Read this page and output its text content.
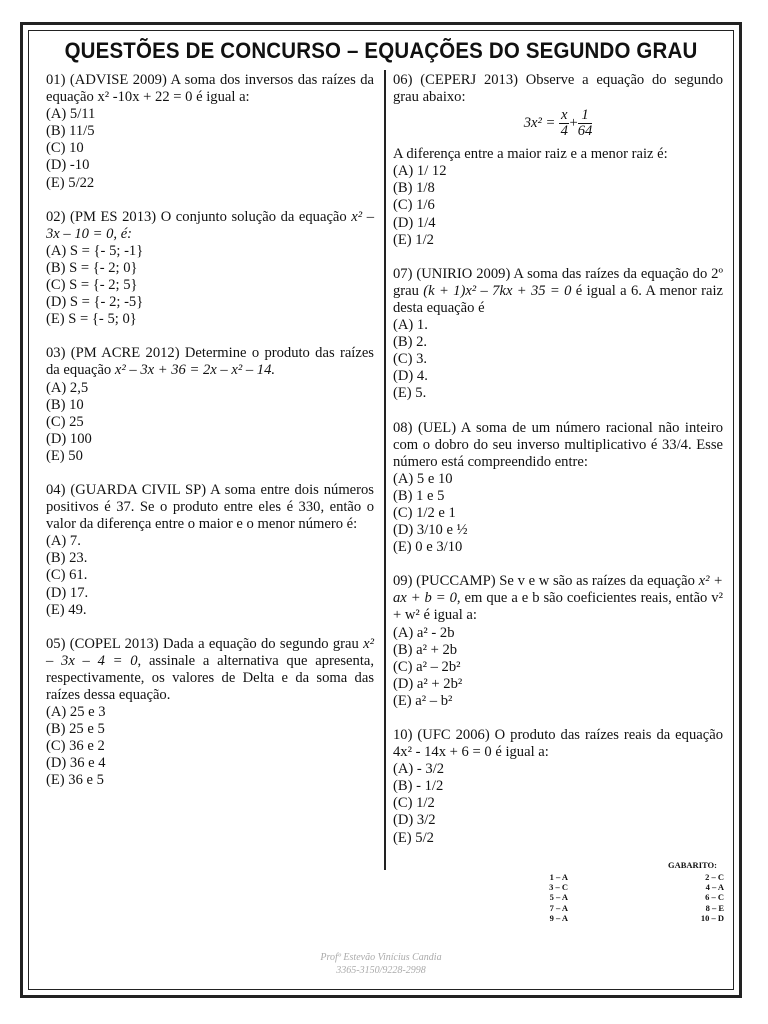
QUESTÕES DE CONCURSO – EQUAÇÕES DO SEGUNDO GRAU
01) (ADVISE 2009) A soma dos inversos das raízes da equação x² -10x + 22 = 0 é igual a:
(A) 5/11
(B) 11/5
(C) 10
(D) -10
(E) 5/22
02) (PM ES 2013) O conjunto solução da equação x² – 3x – 10 = 0, é:
(A) S = {- 5; -1}
(B) S = {- 2; 0}
(C) S = {- 2; 5}
(D) S = {- 2; -5}
(E) S = {- 5; 0}
03) (PM ACRE 2012) Determine o produto das raízes da equação x² – 3x + 36 = 2x – x² – 14.
(A) 2,5
(B) 10
(C) 25
(D) 100
(E) 50
04) (GUARDA CIVIL SP) A soma entre dois números positivos é 37. Se o produto entre eles é 330, então o valor da diferença entre o maior e o menor número é:
(A) 7.
(B) 23.
(C) 61.
(D) 17.
(E) 49.
05) (COPEL 2013) Dada a equação do segundo grau x² – 3x – 4 = 0, assinale a alternativa que apresenta, respectivamente, os valores de Delta e da soma das raízes dessa equação.
(A) 25 e 3
(B) 25 e 5
(C) 36 e 2
(D) 36 e 4
(E) 36 e 5
06) (CEPERJ 2013) Observe a equação do segundo grau abaixo:
$3x^2 = \frac{x}{4} + \frac{1}{64}$
A diferença entre a maior raiz e a menor raiz é:
(A) 1/ 12
(B) 1/8
(C) 1/6
(D) 1/4
(E) 1/2
07) (UNIRIO 2009) A soma das raízes da equação do 2º grau (k + 1)x² – 7kx + 35 = 0 é igual a 6. A menor raiz desta equação é
(A) 1.
(B) 2.
(C) 3.
(D) 4.
(E) 5.
08) (UEL) A soma de um número racional não inteiro com o dobro do seu inverso multiplicativo é 33/4. Esse número está compreendido entre:
(A) 5 e 10
(B) 1 e 5
(C) 1/2 e 1
(D) 3/10 e ½
(E) 0 e 3/10
09) (PUCCAMP) Se v e w são as raízes da equação x² + ax + b = 0, em que a e b são coeficientes reais, então v² + w² é igual a:
(A) a² - 2b
(B) a² + 2b
(C) a² – 2b²
(D) a² + 2b²
(E) a² – b²
10) (UFC 2006) O produto das raízes reais da equação 4x² - 14x + 6 = 0 é igual a:
(A) - 3/2
(B) - 1/2
(C) 1/2
(D) 3/2
(E) 5/2
GABARITO:
1 – A
3 – C
5 – A
7 – A
9 – A
2 – C
4 – A
6 – C
8 – E
10 – D
Profº Estevão Vinícius Candia
3365-3150/9228-2998
